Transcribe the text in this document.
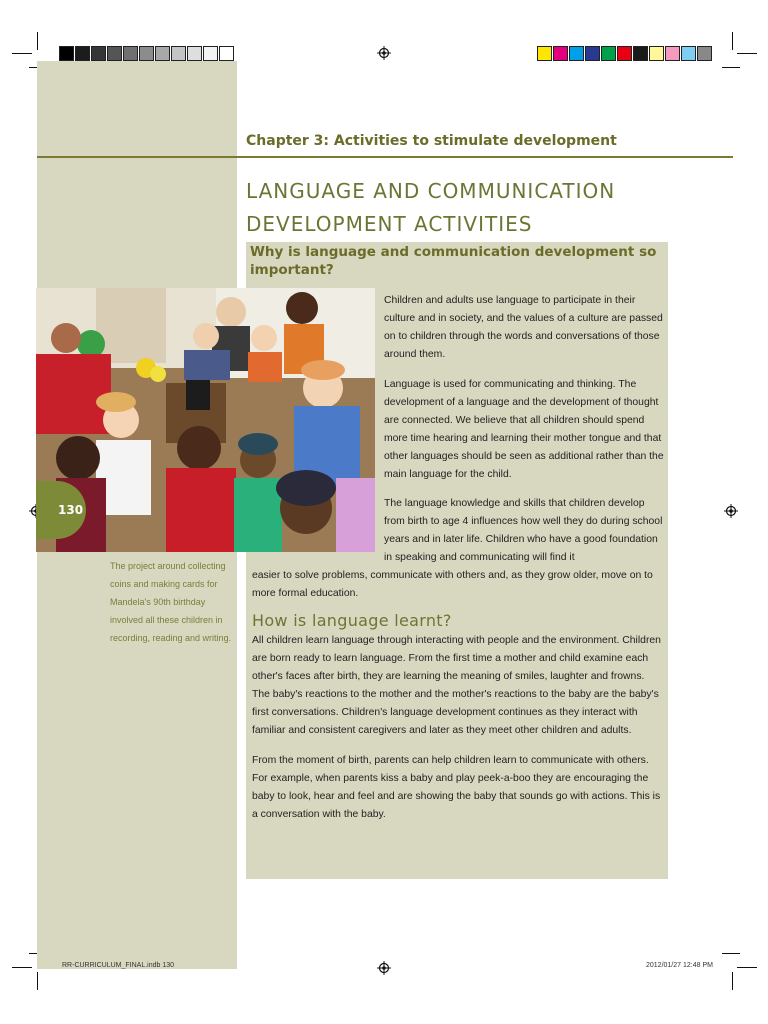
Chapter 3: Activities to stimulate development
LANGUAGE AND COMMUNICATION
DEVELOPMENT ACTIVITIES
Why is language and communication development so important?
Children and adults use language to participate in their culture and in society, and the values of a culture are passed on to children through the words and conversations of those around them.
Language is used for communicating and thinking. The development of a language and the development of thought are connected. We believe that all children should spend more time hearing and learning their mother tongue and that other languages should be seen as additional rather than the main language for the child.
The language knowledge and skills that children develop from birth to age 4 influences how well they do during school years and in later life. Children who have a good foundation in speaking and communicating will find it
easier to solve problems, communicate with others and, as they grow older, move on to more formal education.
130
The project around collecting coins and making cards for Mandela's 90th birthday involved all these children in recording, reading and writing.
How is language learnt?
All children learn language through interacting with people and the environment. Children are born ready to learn language. From the first time a mother and child examine each other's faces after birth, they are learning the meaning of smiles, laughter and frowns. The baby's reactions to the mother and the mother's reactions to the baby are the baby's first conversations. Children's language development continues as they interact with familiar and consistent caregivers and later as they meet other children and adults.
From the moment of birth, parents can help children learn to communicate with others. For example, when parents kiss a baby and play peek-a-boo they are encouraging the baby to look, hear and feel and are showing the baby that sounds go with actions. This is a conversation with the baby.
RR-CURRICULUM_FINAL.indb 130	2012/01/27 12:48 PM
